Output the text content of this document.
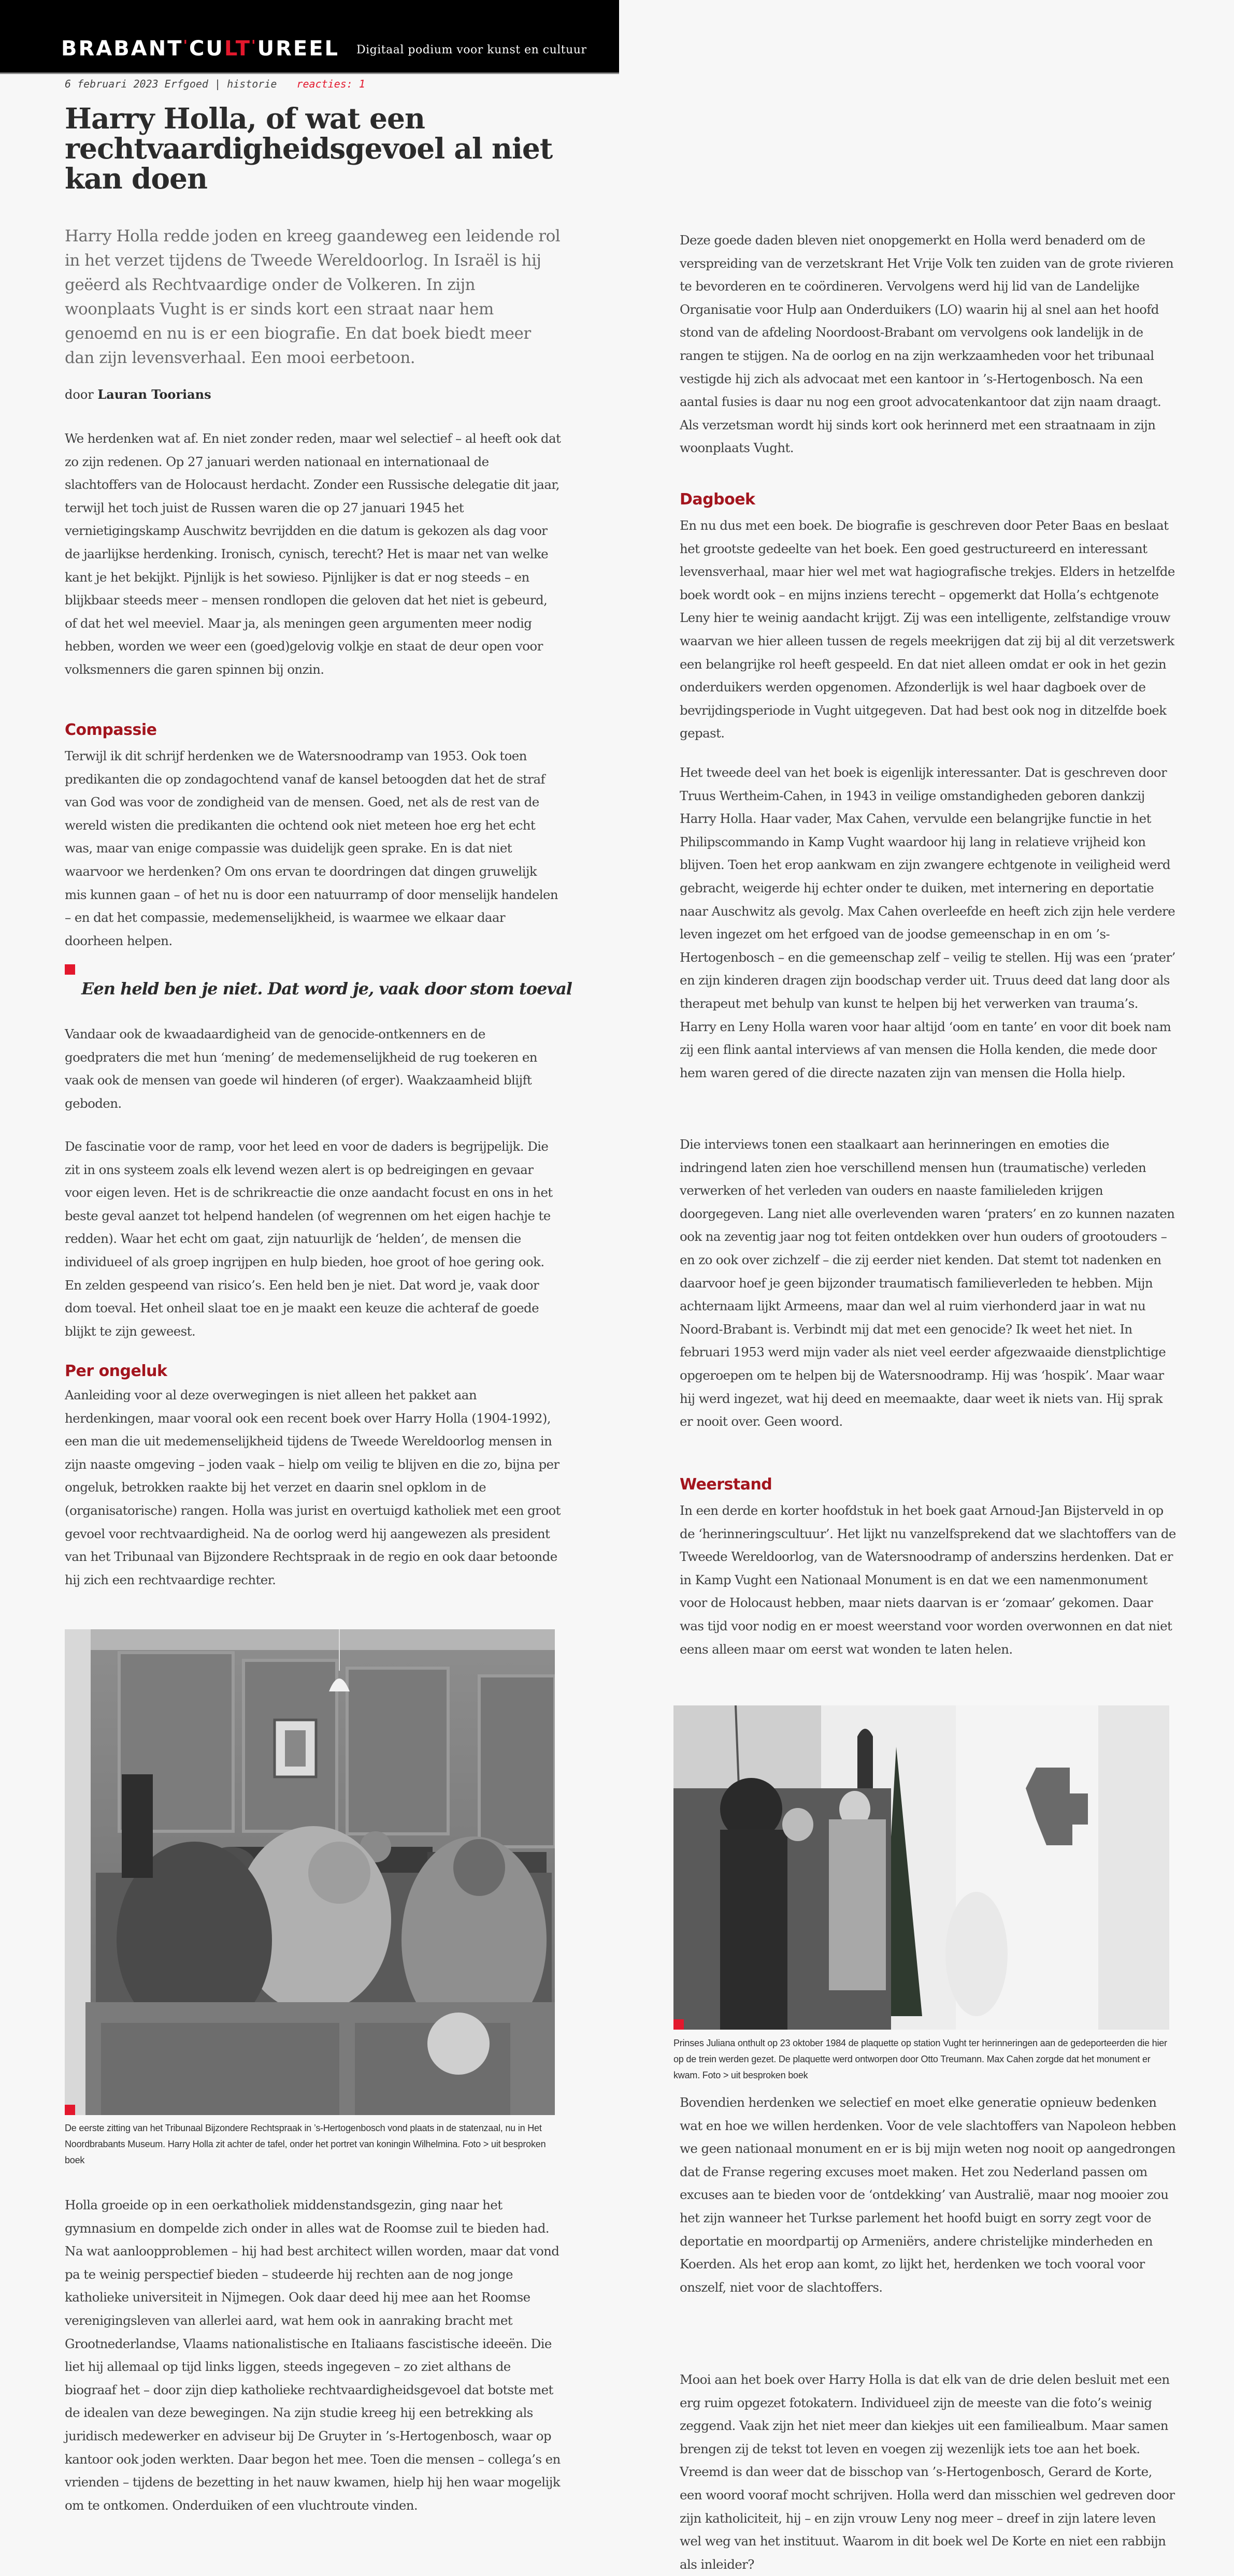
BRABANT'CULT'UREEL Digitaal podium voor kunst en cultuur
6 februari 2023 Erfgoed | historie reacties: 1
Harry Holla, of wat een rechtvaardigheidsgevoel al niet kan doen

Harry Holla redde joden en kreeg gaandeweg een leidende rol in het verzet tijdens de Tweede Wereldoorlog. In Israël is hij geëerd als Rechtvaardige onder de Volkeren. In zijn woonplaats Vught is er sinds kort een straat naar hem genoemd en nu is er een biografie. En dat boek biedt meer dan zijn levensverhaal. Een mooi eerbetoon.

door Lauran Toorians

We herdenken wat af. En niet zonder reden, maar wel selectief – al heeft ook dat zo zijn redenen. Op 27 januari werden nationaal en internationaal de slachtoffers van de Holocaust herdacht. Zonder een Russische delegatie dit jaar, terwijl het toch juist de Russen waren die op 27 januari 1945 het vernietigingskamp Auschwitz bevrijdden en die datum is gekozen als dag voor de jaarlijkse herdenking. Ironisch, cynisch, terecht? Het is maar net van welke kant je het bekijkt. Pijnlijk is het sowieso. Pijnlijker is dat er nog steeds – en blijkbaar steeds meer – mensen rondlopen die geloven dat het niet is gebeurd, of dat het wel meeviel. Maar ja, als meningen geen argumenten meer nodig hebben, worden we weer een (goed)gelovig volkje en staat de deur open voor volksmenners die garen spinnen bij onzin.

Compassie

Terwijl ik dit schrijf herdenken we de Watersnoodramp van 1953. Ook toen predikanten die op zondagochtend vanaf de kansel betoogden dat het de straf van God was voor de zondigheid van de mensen. Goed, net als de rest van de wereld wisten die predikanten die ochtend ook niet meteen hoe erg het echt was, maar van enige compassie was duidelijk geen sprake. En is dat niet waarvoor we herdenken? Om ons ervan te doordringen dat dingen gruwelijk mis kunnen gaan – of het nu is door een natuurramp of door menselijk handelen – en dat het compassie, medemenselijkheid, is waarmee we elkaar daar doorheen helpen.

Een held ben je niet. Dat word je, vaak door stom toeval

Vandaar ook de kwaadaardigheid van de genocide-ontkenners en de goedpraters die met hun ‘mening’ de medemenselijkheid de rug toekeren en vaak ook de mensen van goede wil hinderen (of erger). Waakzaamheid blijft geboden.

De fascinatie voor de ramp, voor het leed en voor de daders is begrijpelijk. Die zit in ons systeem zoals elk levend wezen alert is op bedreigingen en gevaar voor eigen leven. Het is de schrikreactie die onze aandacht focust en ons in het beste geval aanzet tot helpend handelen (of wegrennen om het eigen hachje te redden). Waar het echt om gaat, zijn natuurlijk de ‘helden’, de mensen die individueel of als groep ingrijpen en hulp bieden, hoe groot of hoe gering ook. En zelden gespeend van risico’s. Een held ben je niet. Dat word je, vaak door dom toeval. Het onheil slaat toe en je maakt een keuze die achteraf de goede blijkt te zijn geweest.

Per ongeluk

Aanleiding voor al deze overwegingen is niet alleen het pakket aan herdenkingen, maar vooral ook een recent boek over Harry Holla (1904-1992), een man die uit medemenselijkheid tijdens de Tweede Wereldoorlog mensen in zijn naaste omgeving – joden vaak – hielp om veilig te blijven en die zo, bijna per ongeluk, betrokken raakte bij het verzet en daarin snel opklom in de (organisatorische) rangen. Holla was jurist en overtuigd katholiek met een groot gevoel voor rechtvaardigheid. Na de oorlog werd hij aangewezen als president van het Tribunaal van Bijzondere Rechtspraak in de regio en ook daar betoonde hij zich een rechtvaardige rechter.

De eerste zitting van het Tribunaal Bijzondere Rechtspraak in ’s-Hertogenbosch vond plaats in de statenzaal, nu in Het Noordbrabants Museum. Harry Holla zit achter de tafel, onder het portret van koningin Wilhelmina. Foto > uit besproken boek

Holla groeide op in een oerkatholiek middenstandsgezin, ging naar het gymnasium en dompelde zich onder in alles wat de Roomse zuil te bieden had. Na wat aanloopproblemen – hij had best architect willen worden, maar dat vond pa te weinig perspectief bieden – studeerde hij rechten aan de nog jonge katholieke universiteit in Nijmegen. Ook daar deed hij mee aan het Roomse verenigingsleven van allerlei aard, wat hem ook in aanraking bracht met Grootnederlandse, Vlaams nationalistische en Italiaans fascistische ideeën. Die liet hij allemaal op tijd links liggen, steeds ingegeven – zo ziet althans de biograaf het – door zijn diep katholieke rechtvaardigheidsgevoel dat botste met de idealen van deze bewegingen. Na zijn studie kreeg hij een betrekking als juridisch medewerker en adviseur bij De Gruyter in ’s-Hertogenbosch, waar op kantoor ook joden werkten. Daar begon het mee. Toen die mensen – collega’s en vrienden – tijdens de bezetting in het nauw kwamen, hielp hij hen waar mogelijk om te ontkomen. Onderduiken of een vluchtroute vinden.

Deze goede daden bleven niet onopgemerkt en Holla werd benaderd om de verspreiding van de verzetskrant Het Vrije Volk ten zuiden van de grote rivieren te bevorderen en te coördineren. Vervolgens werd hij lid van de Landelijke Organisatie voor Hulp aan Onderduikers (LO) waarin hij al snel aan het hoofd stond van de afdeling Noordoost-Brabant om vervolgens ook landelijk in de rangen te stijgen. Na de oorlog en na zijn werkzaamheden voor het tribunaal vestigde hij zich als advocaat met een kantoor in ’s-Hertogenbosch. Na een aantal fusies is daar nu nog een groot advocatenkantoor dat zijn naam draagt. Als verzetsman wordt hij sinds kort ook herinnerd met een straatnaam in zijn woonplaats Vught.

Dagboek

En nu dus met een boek. De biografie is geschreven door Peter Baas en beslaat het grootste gedeelte van het boek. Een goed gestructureerd en interessant levensverhaal, maar hier wel met wat hagiografische trekjes. Elders in hetzelfde boek wordt ook – en mijns inziens terecht – opgemerkt dat Holla’s echtgenote Leny hier te weinig aandacht krijgt. Zij was een intelligente, zelfstandige vrouw waarvan we hier alleen tussen de regels meekrijgen dat zij bij al dit verzetswerk een belangrijke rol heeft gespeeld. En dat niet alleen omdat er ook in het gezin onderduikers werden opgenomen. Afzonderlijk is wel haar dagboek over de bevrijdingsperiode in Vught uitgegeven. Dat had best ook nog in ditzelfde boek gepast.

Het tweede deel van het boek is eigenlijk interessanter. Dat is geschreven door Truus Wertheim-Cahen, in 1943 in veilige omstandigheden geboren dankzij Harry Holla. Haar vader, Max Cahen, vervulde een belangrijke functie in het Philipscommando in Kamp Vught waardoor hij lang in relatieve vrijheid kon blijven. Toen het erop aankwam en zijn zwangere echtgenote in veiligheid werd gebracht, weigerde hij echter onder te duiken, met internering en deportatie naar Auschwitz als gevolg. Max Cahen overleefde en heeft zich zijn hele verdere leven ingezet om het erfgoed van de joodse gemeenschap in en om ’s-Hertogenbosch – en die gemeenschap zelf – veilig te stellen. Hij was een ‘prater’ en zijn kinderen dragen zijn boodschap verder uit. Truus deed dat lang door als therapeut met behulp van kunst te helpen bij het verwerken van trauma’s. Harry en Leny Holla waren voor haar altijd ‘oom en tante’ en voor dit boek nam zij een flink aantal interviews af van mensen die Holla kenden, die mede door hem waren gered of die directe nazaten zijn van mensen die Holla hielp.

Die interviews tonen een staalkaart aan herinneringen en emoties die indringend laten zien hoe verschillend mensen hun (traumatische) verleden verwerken of het verleden van ouders en naaste familieleden krijgen doorgegeven. Lang niet alle overlevenden waren ‘praters’ en zo kunnen nazaten ook na zeventig jaar nog tot feiten ontdekken over hun ouders of grootouders – en zo ook over zichzelf – die zij eerder niet kenden. Dat stemt tot nadenken en daarvoor hoef je geen bijzonder traumatisch familieverleden te hebben. Mijn achternaam lijkt Armeens, maar dan wel al ruim vierhonderd jaar in wat nu Noord-Brabant is. Verbindt mij dat met een genocide? Ik weet het niet. In februari 1953 werd mijn vader als niet veel eerder afgezwaaide dienstplichtige opgeroepen om te helpen bij de Watersnoodramp. Hij was ‘hospik’. Maar waar hij werd ingezet, wat hij deed en meemaakte, daar weet ik niets van. Hij sprak er nooit over. Geen woord.

Weerstand

In een derde en korter hoofdstuk in het boek gaat Arnoud-Jan Bijsterveld in op de ‘herinneringscultuur’. Het lijkt nu vanzelfsprekend dat we slachtoffers van de Tweede Wereldoorlog, van de Watersnoodramp of anderszins herdenken. Dat er in Kamp Vught een Nationaal Monument is en dat we een namenmonument voor de Holocaust hebben, maar niets daarvan is er ‘zomaar’ gekomen. Daar was tijd voor nodig en er moest weerstand voor worden overwonnen en dat niet eens alleen maar om eerst wat wonden te laten helen.

Prinses Juliana onthult op 23 oktober 1984 de plaquette op station Vught ter herinneringen aan de gedeporteerden die hier op de trein werden gezet. De plaquette werd ontworpen door Otto Treumann. Max Cahen zorgde dat het monument er kwam. Foto > uit besproken boek

Bovendien herdenken we selectief en moet elke generatie opnieuw bedenken wat en hoe we willen herdenken. Voor de vele slachtoffers van Napoleon hebben we geen nationaal monument en er is bij mijn weten nog nooit op aangedrongen dat de Franse regering excuses moet maken. Het zou Nederland passen om excuses aan te bieden voor de ‘ontdekking’ van Australië, maar nog mooier zou het zijn wanneer het Turkse parlement het hoofd buigt en sorry zegt voor de deportatie en moordpartij op Armeniërs, andere christelijke minderheden en Koerden. Als het erop aan komt, zo lijkt het, herdenken we toch vooral voor onszelf, niet voor de slachtoffers.

Mooi aan het boek over Harry Holla is dat elk van de drie delen besluit met een erg ruim opgezet fotokatern. Individueel zijn de meeste van die foto’s weinig zeggend. Vaak zijn het niet meer dan kiekjes uit een familiealbum. Maar samen brengen zij de tekst tot leven en voegen zij wezenlijk iets toe aan het boek. Vreemd is dan weer dat de bisschop van ’s-Hertogenbosch, Gerard de Korte, een woord vooraf mocht schrijven. Holla werd dan misschien wel gedreven door zijn katholiciteit, hij – en zijn vrouw Leny nog meer – dreef in zijn latere leven wel weg van het instituut. Waarom in dit boek wel De Korte en niet een rabbijn als inleider?
